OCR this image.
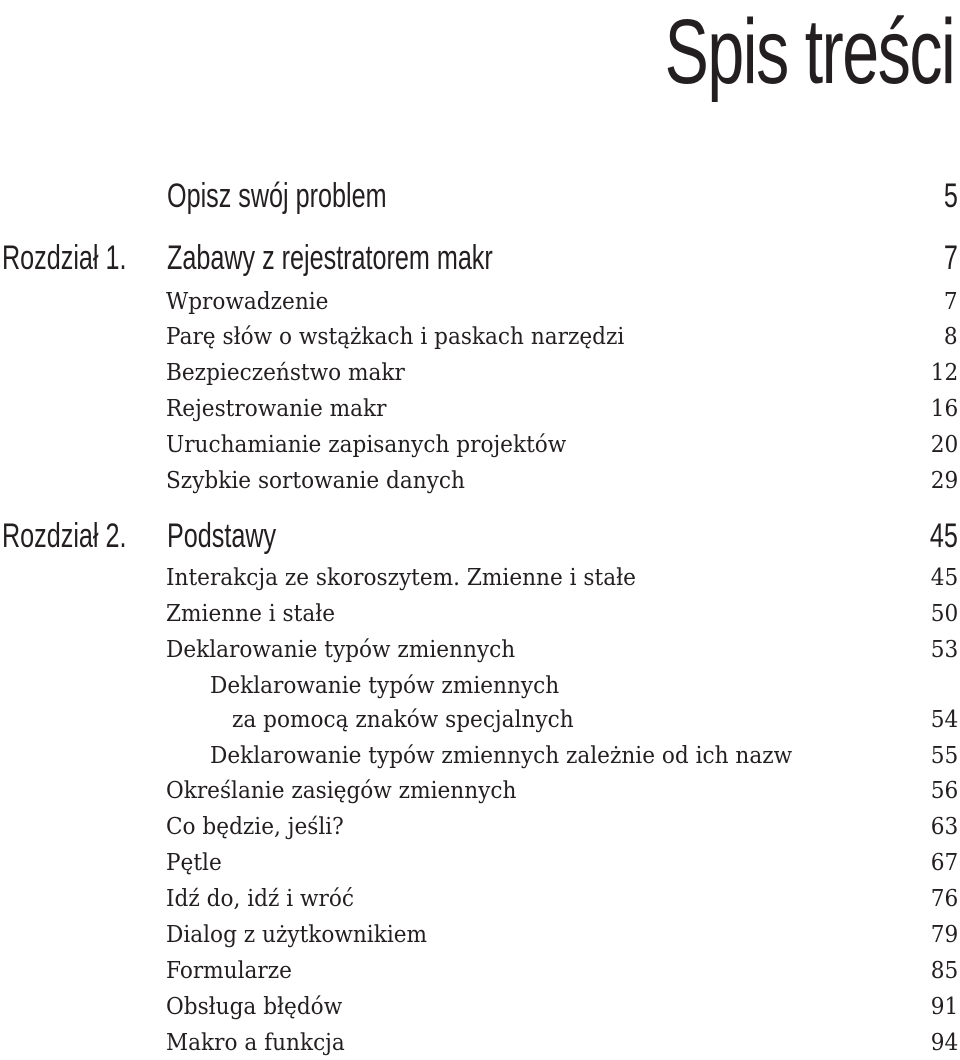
Spis treści
Opisz swój problem	5
Rozdział 1. Zabawy z rejestratorem makr	7
Wprowadzenie	7
Parę słów o wstążkach i paskach narzędzi	8
Bezpieczeństwo makr	12
Rejestrowanie makr	16
Uruchamianie zapisanych projektów	20
Szybkie sortowanie danych	29
Rozdział 2. Podstawy	45
Interakcja ze skoroszytem. Zmienne i stałe	45
Zmienne i stałe	50
Deklarowanie typów zmiennych	53
Deklarowanie typów zmiennych
za pomocą znaków specjalnych	54
Deklarowanie typów zmiennych zależnie od ich nazw	55
Określanie zasięgów zmiennych	56
Co będzie, jeśli?	63
Pętle	67
Idź do, idź i wróć	76
Dialog z użytkownikiem	79
Formularze	85
Obsługa błędów	91
Makro a funkcja	94
